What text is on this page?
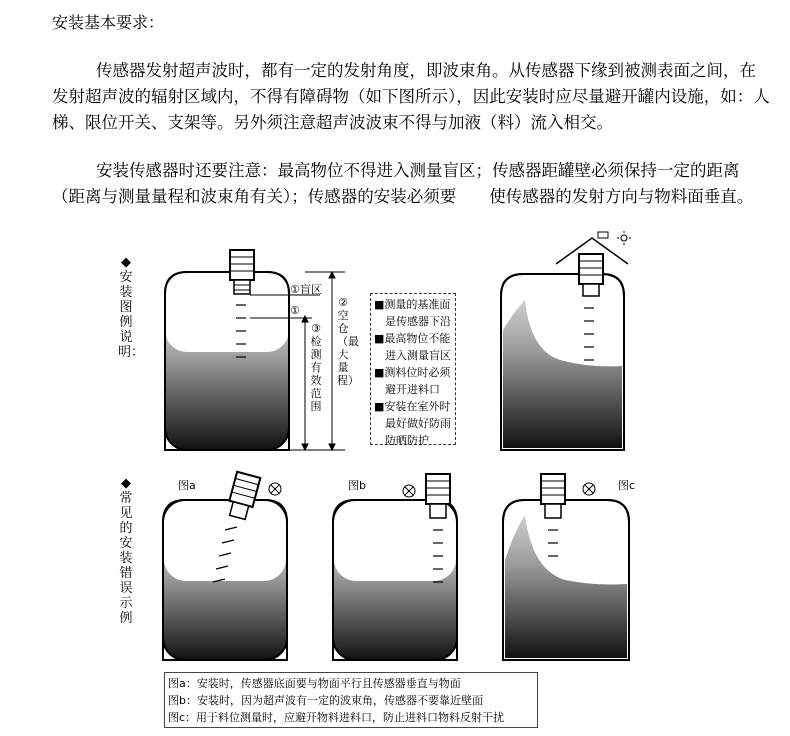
安装基本要求：
传感器发射超声波时，都有一定的发射角度，即波束角。从传感器下缘到被测表面之间，在发射超声波的辐射区域内，不得有障碍物（如下图所示），因此安装时应尽量避开罐内设施，如：人梯、限位开关、支架等。另外须注意超声波波束不得与加液（料）流入相交。
安装传感器时还要注意：最高物位不得进入测量盲区；传感器距罐壁必须保持一定的距离（距离与测量量程和波束角有关）；传感器的安装必须要　　使传感器的发射方向与物料面垂直。
◆安装图例说明：
◆常见的安装错误示例
①盲区
①
②空仓（最大量程）
③检测有效范围
■测量的基准面
　是传感器下沿
■最高物位不能
　进入测量盲区
■测料位时必须
　避开进料口
■安装在室外时
　最好做好防雨
　防晒防护
图a	图b	图c
图a：安装时，传感器底面要与物面平行且传感器垂直与物面
图b：安装时，因为超声波有一定的波束角，传感器不要靠近壁面
图c：用于料位测量时，应避开物料进料口，防止进料口物料反射干扰
